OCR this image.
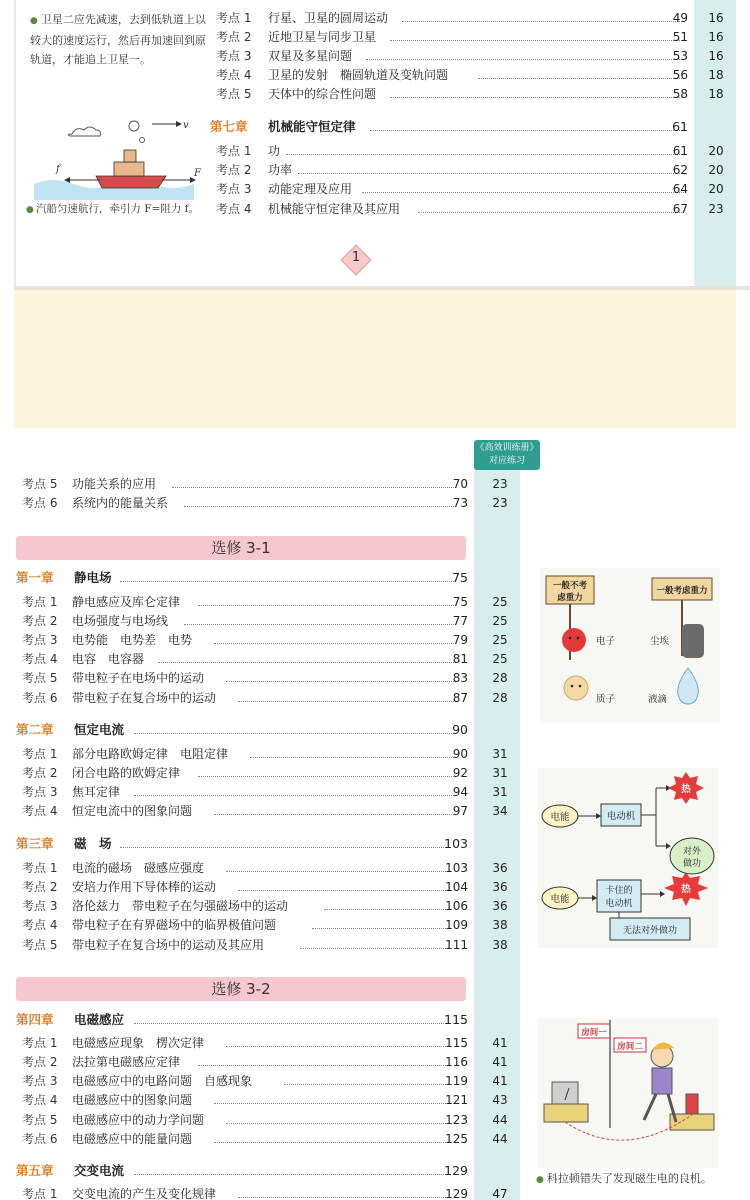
● 卫星二应先减速，去到低轨道上以较大的速度运行，然后再加速回到原轨道，才能追上卫星一。
v
f	F
● 汽船匀速航行，牵引力 F=阻力 f。
考点 1 行星、卫星的圆周运动	49	16
考点 2 近地卫星与同步卫星	51	16
考点 3 双星及多星问题	53	16
考点 4 卫星的发射　椭圆轨道及变轨问题	56	18
考点 5 天体中的综合性问题	58	18
第七章 机械能守恒定律	61
考点 1 功	61	20
考点 2 功率	62	20
考点 3 动能定理及应用	64	20
考点 4 机械能守恒定律及其应用	67	23
1
《高效训练册》
对应练习
考点 5 功能关系的应用	70	23
考点 6 系统内的能量关系	73	23
选修 3-1
第一章 静电场	75
考点 1 静电感应及库仑定律	75	25
考点 2 电场强度与电场线	77	25
考点 3 电势能　电势差　电势	79	25
考点 4 电容　电容器	81	25
考点 5 带电粒子在电场中的运动	83	28
考点 6 带电粒子在复合场中的运动	87	28
第二章 恒定电流	90
考点 1 部分电路欧姆定律　电阻定律	90	31
考点 2 闭合电路的欧姆定律	92	31
考点 3 焦耳定律	94	31
考点 4 恒定电流中的图象问题	97	34
第三章 磁　场	103
考点 1 电流的磁场　磁感应强度	103	36
考点 2 安培力作用下导体棒的运动	104	36
考点 3 洛伦兹力　带电粒子在匀强磁场中的运动	106	36
考点 4 带电粒子在有界磁场中的临界极值问题	109	38
考点 5 带电粒子在复合场中的运动及其应用	111	38
选修 3-2
第四章 电磁感应	115
考点 1 电磁感应现象　楞次定律	115	41
考点 2 法拉第电磁感应定律	116	41
考点 3 电磁感应中的电路问题　自感现象	119	41
考点 4 电磁感应中的图象问题	121	43
考点 5 电磁感应中的动力学问题	123	44
考点 6 电磁感应中的能量问题	125	44
第五章 交变电流	129
考点 1 交变电流的产生及变化规律	129	47
一般不考
虑重力
一般考虑重力
电子	尘埃
质子	液滴
电能	电动机
热
对外
做功
电能
卡住的
电动机
热
无法对外做功
房间一
房间二
● 科拉顿错失了发现磁生电的良机。
